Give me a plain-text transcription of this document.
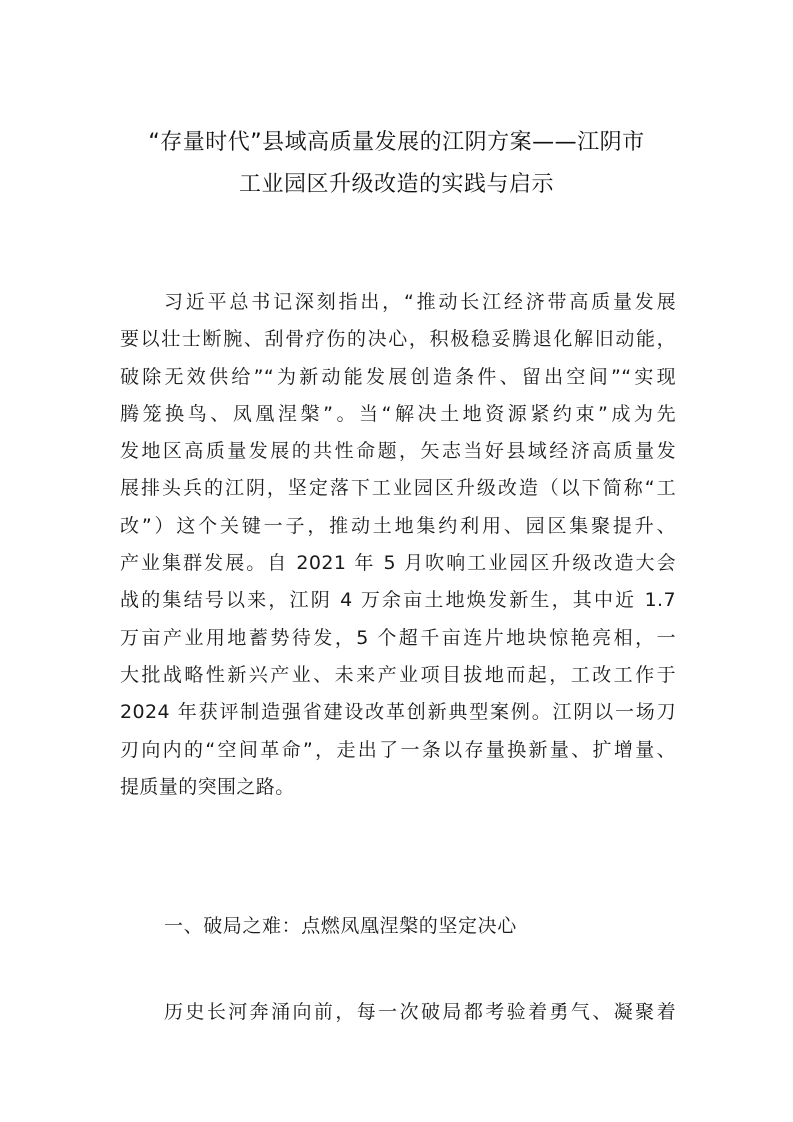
“存量时代”县域高质量发展的江阴方案——江阴市
工业园区升级改造的实践与启示
习近平总书记深刻指出，“推动长江经济带高质量发展
要以壮士断腕、刮骨疗伤的决心，积极稳妥腾退化解旧动能，
破除无效供给”“为新动能发展创造条件、留出空间”“实现
腾笼换鸟、凤凰涅槃”。当“解决土地资源紧约束”成为先
发地区高质量发展的共性命题，矢志当好县域经济高质量发
展排头兵的江阴，坚定落下工业园区升级改造（以下简称“工
改”）这个关键一子，推动土地集约利用、园区集聚提升、
产业集群发展。自 2021 年 5 月吹响工业园区升级改造大会
战的集结号以来，江阴 4 万余亩土地焕发新生，其中近 1.7
万亩产业用地蓄势待发，5 个超千亩连片地块惊艳亮相，一
大批战略性新兴产业、未来产业项目拔地而起，工改工作于
2024 年获评制造强省建设改革创新典型案例。江阴以一场刀
刃向内的“空间革命”，走出了一条以存量换新量、扩增量、
提质量的突围之路。
一、破局之难：点燃凤凰涅槃的坚定决心
历史长河奔涌向前，每一次破局都考验着勇气、凝聚着
